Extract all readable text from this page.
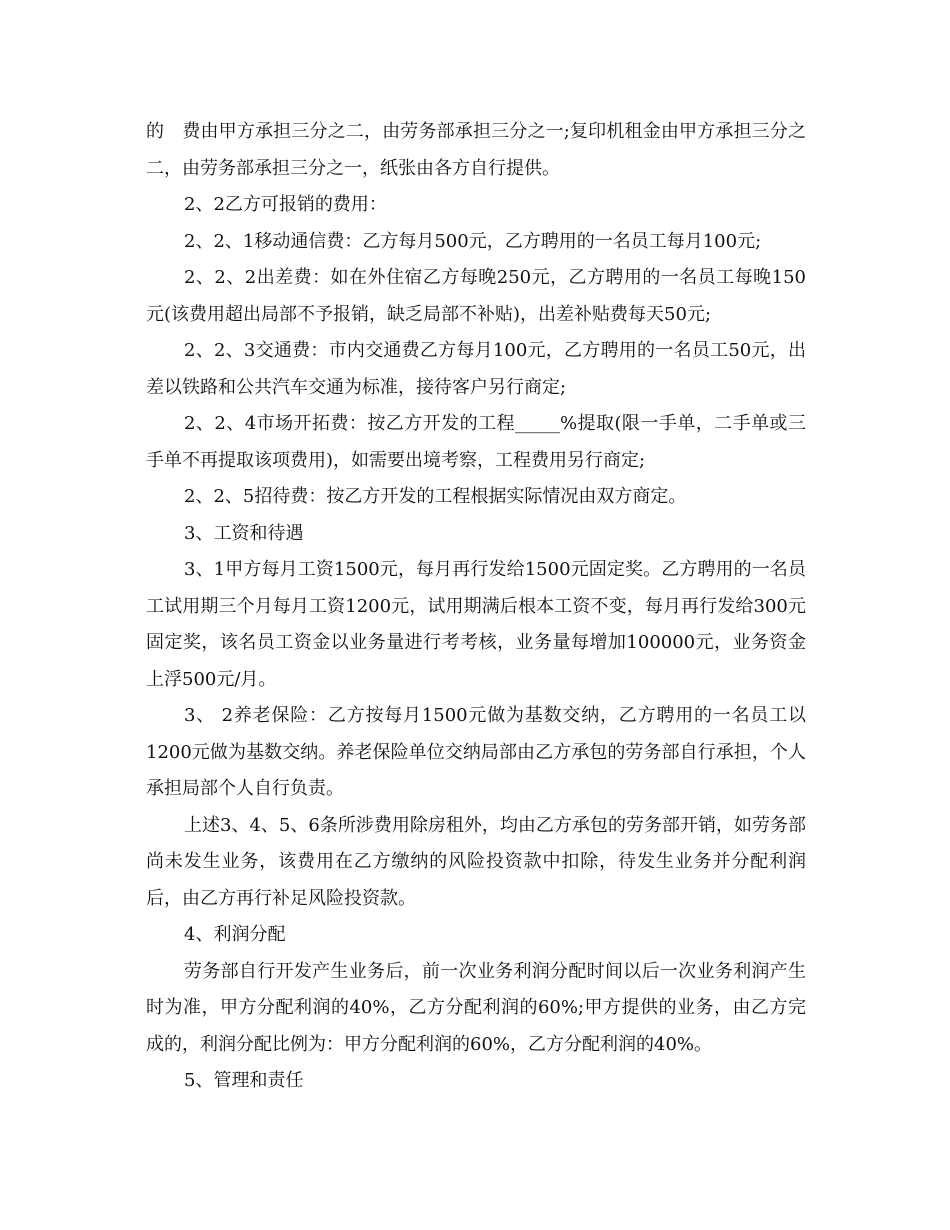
的　费由甲方承担三分之二，由劳务部承担三分之一;复印机租金由甲方承担三分之二，由劳务部承担三分之一，纸张由各方自行提供。

2、2乙方可报销的费用：

2、2、1移动通信费：乙方每月500元，乙方聘用的一名员工每月100元;

2、2、2出差费：如在外住宿乙方每晚250元，乙方聘用的一名员工每晚150元(该费用超出局部不予报销，缺乏局部不补贴)，出差补贴费每天50元;

2、2、3交通费：市内交通费乙方每月100元，乙方聘用的一名员工50元，出差以铁路和公共汽车交通为标准，接待客户另行商定;

2、2、4市场开拓费：按乙方开发的工程_____%提取(限一手单，二手单或三手单不再提取该项费用)，如需要出境考察，工程费用另行商定;

2、2、5招待费：按乙方开发的工程根据实际情况由双方商定。

3、工资和待遇

3、1甲方每月工资1500元，每月再行发给1500元固定奖。乙方聘用的一名员工试用期三个月每月工资1200元，试用期满后根本工资不变，每月再行发给300元固定奖，该名员工资金以业务量进行考考核，业务量每增加100000元，业务资金上浮500元/月。

3、 2养老保险：乙方按每月1500元做为基数交纳，乙方聘用的一名员工以1200元做为基数交纳。养老保险单位交纳局部由乙方承包的劳务部自行承担，个人承担局部个人自行负责。

上述3、4、5、6条所涉费用除房租外，均由乙方承包的劳务部开销，如劳务部尚未发生业务，该费用在乙方缴纳的风险投资款中扣除，待发生业务并分配利润后，由乙方再行补足风险投资款。

4、利润分配

劳务部自行开发产生业务后，前一次业务利润分配时间以后一次业务利润产生时为准，甲方分配利润的40%，乙方分配利润的60%;甲方提供的业务，由乙方完成的，利润分配比例为：甲方分配利润的60%，乙方分配利润的40%。

5、管理和责任
